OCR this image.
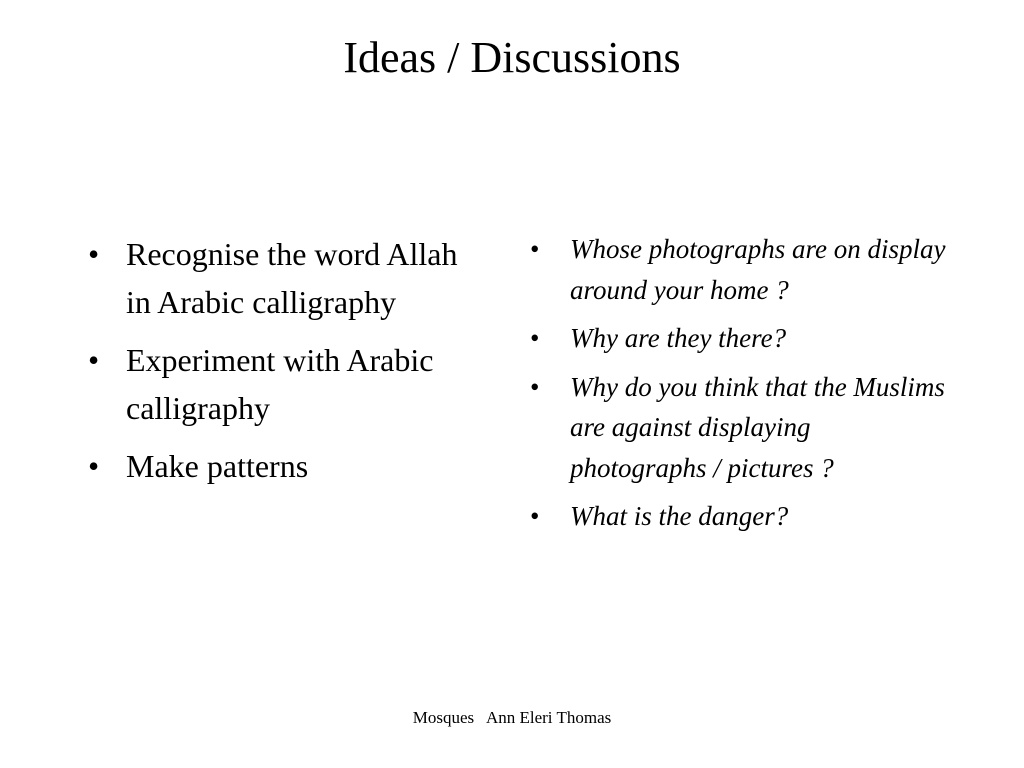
Ideas / Discussions
• Recognise the word Allah in Arabic calligraphy
• Experiment with Arabic calligraphy
• Make patterns
• Whose photographs are on display around your home ?
• Why are they there?
• Why do you think that the Muslims are against displaying photographs / pictures ?
• What is the danger?
Mosques   Ann Eleri Thomas
